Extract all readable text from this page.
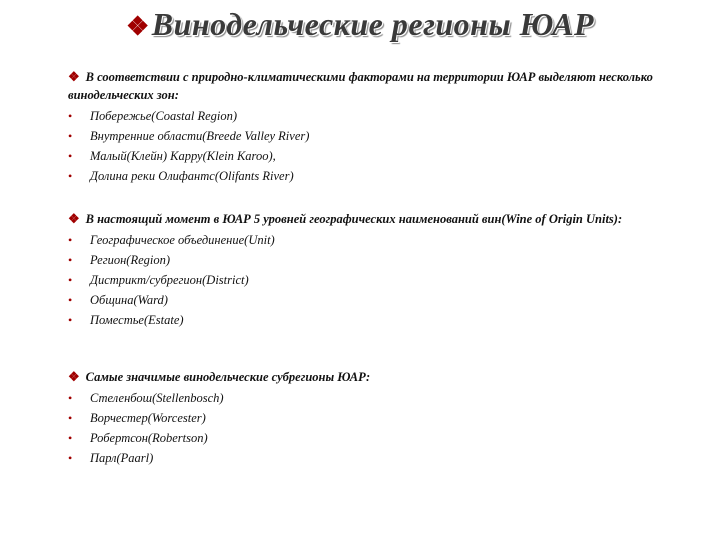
❖Винодельческие регионы ЮАР

❖ В соответствии с природно-климатическими факторами на территории ЮАР выделяют несколько винодельческих зон:

• Побережье(Coastal Region)
• Внутренние области(Breede Valley River)
• Малый(Клейн) Карру(Klein Karoo),
• Долина реки Олифантс(Olifants River)

❖ В настоящий момент в ЮАР 5 уровней географических наименований вин(Wine of Origin Units):

• Географическое объединение(Unit)
• Регион(Region)
• Дистрикт/субрегион(District)
• Община(Ward)
• Поместье(Estate)

❖ Самые значимые винодельческие субрегионы ЮАР:

• Стеленбош(Stellenbosch)
• Ворчестер(Worcester)
• Робертсон(Robertson)
• Парл(Paarl)
